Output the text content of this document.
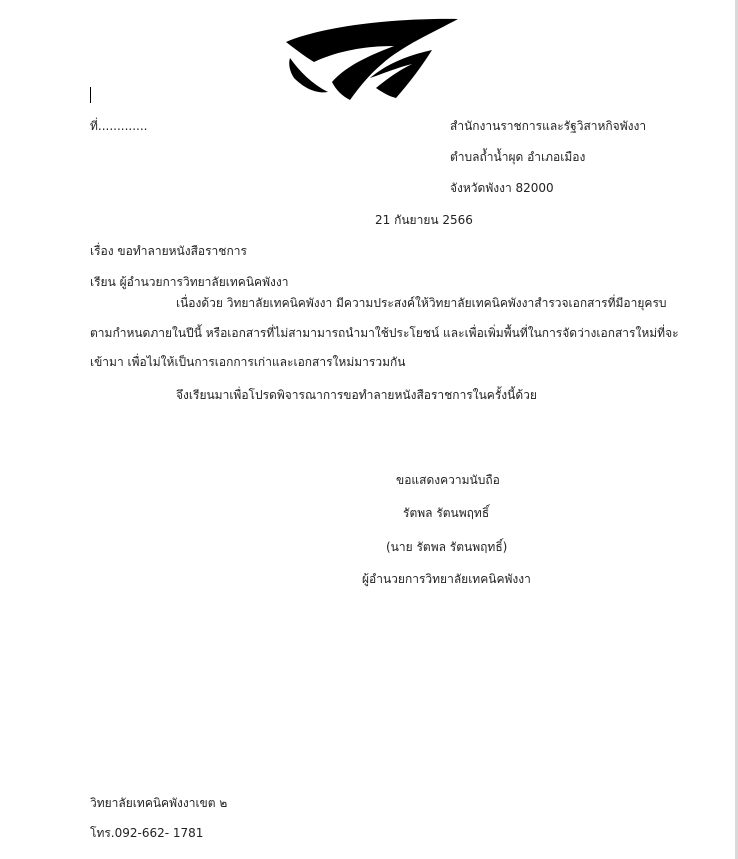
ที่.............	สำนักงานราชการและรัฐวิสาหกิจพังงา
ตำบลถ้ำน้ำผุด อำเภอเมือง
จังหวัดพังงา 82000
21 กันยายน 2566
เรื่อง ขอทำลายหนังสือราชการ
เรียน ผู้อำนวยการวิทยาลัยเทคนิคพังงา
เนื่องด้วย วิทยาลัยเทคนิคพังงา มีความประสงค์ให้วิทยาลัยเทคนิคพังงาสำรวจเอกสารที่มีอายุครบ
ตามกำหนดภายในปีนี้ หรือเอกสารที่ไม่สามามารถนำมาใช้ประโยชน์ และเพื่อเพิ่มพื้นที่ในการจัดว่างเอกสารใหม่ที่จะ
เข้ามา เพื่อไม่ให้เป็นการเอกการเก่าและเอกสารใหม่มารวมกัน
จึงเรียนมาเพื่อโปรดพิจารณาการขอทำลายหนังสือราชการในครั้งนี้ด้วย
ขอแสดงความนับถือ
รัตพล รัตนพฤทธิ์
(นาย รัตพล รัตนพฤทธิ์)
ผู้อำนวยการวิทยาลัยเทคนิคพังงา
วิทยาลัยเทคนิคพังงาเขต ๒
โทร.092-662- 1781
